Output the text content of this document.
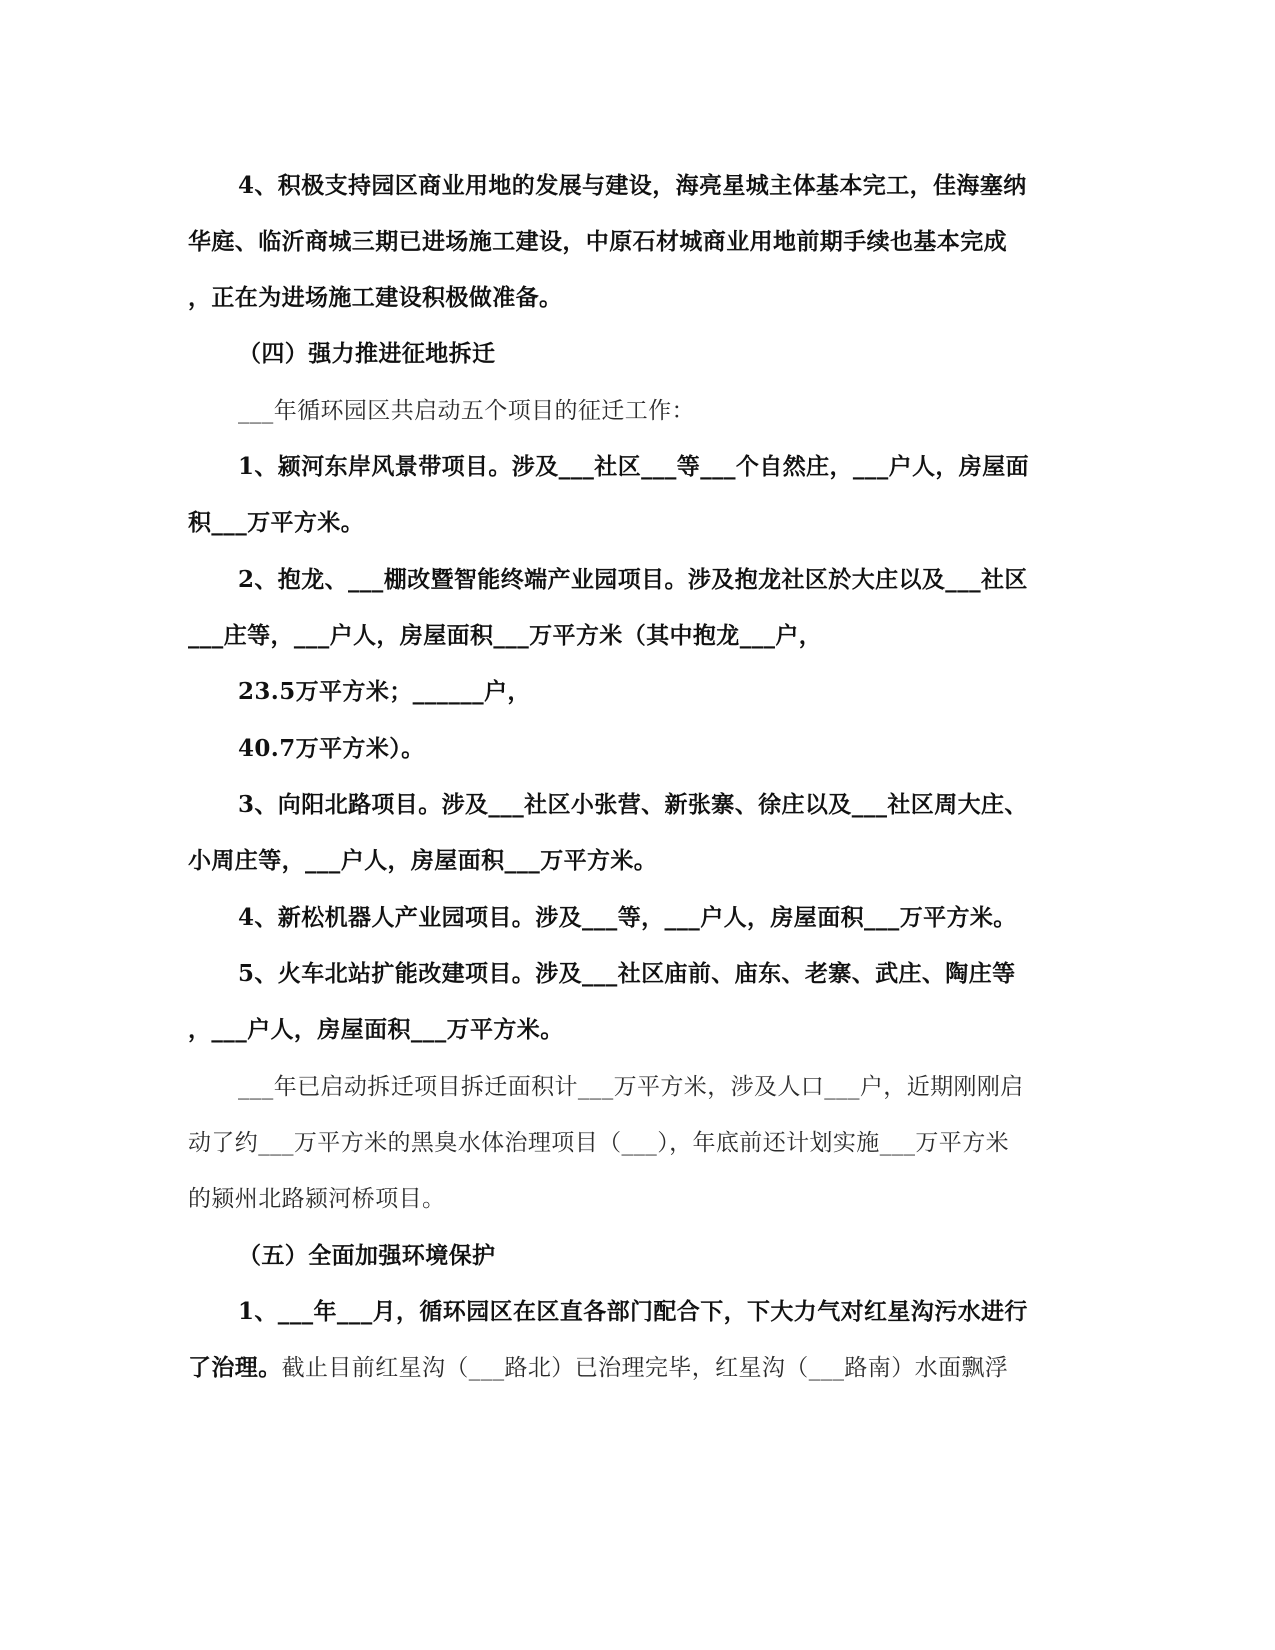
4、积极支持园区商业用地的发展与建设，海亮星城主体基本完工，佳海塞纳
华庭、临沂商城三期已进场施工建设，中原石材城商业用地前期手续也基本完成
，正在为进场施工建设积极做准备。
（四）强力推进征地拆迁
___年循环园区共启动五个项目的征迁工作：
1、颍河东岸风景带项目。涉及___社区___等___个自然庄，___户人，房屋面
积___万平方米。
2、抱龙、___棚改暨智能终端产业园项目。涉及抱龙社区於大庄以及___社区
___庄等，___户人，房屋面积___万平方米（其中抱龙___户，
23.5万平方米；______户，
40.7万平方米）。
3、向阳北路项目。涉及___社区小张营、新张寨、徐庄以及___社区周大庄、
小周庄等，___户人，房屋面积___万平方米。
4、新松机器人产业园项目。涉及___等，___户人，房屋面积___万平方米。
5、火车北站扩能改建项目。涉及___社区庙前、庙东、老寨、武庄、陶庄等
，___户人，房屋面积___万平方米。
___年已启动拆迁项目拆迁面积计___万平方米，涉及人口___户，近期刚刚启
动了约___万平方米的黑臭水体治理项目（___），年底前还计划实施___万平方米
的颍州北路颍河桥项目。
（五）全面加强环境保护
1、___年___月，循环园区在区直各部门配合下，下大力气对红星沟污水进行
了治理。截止目前红星沟（___路北）已治理完毕，红星沟（___路南）水面飘浮
